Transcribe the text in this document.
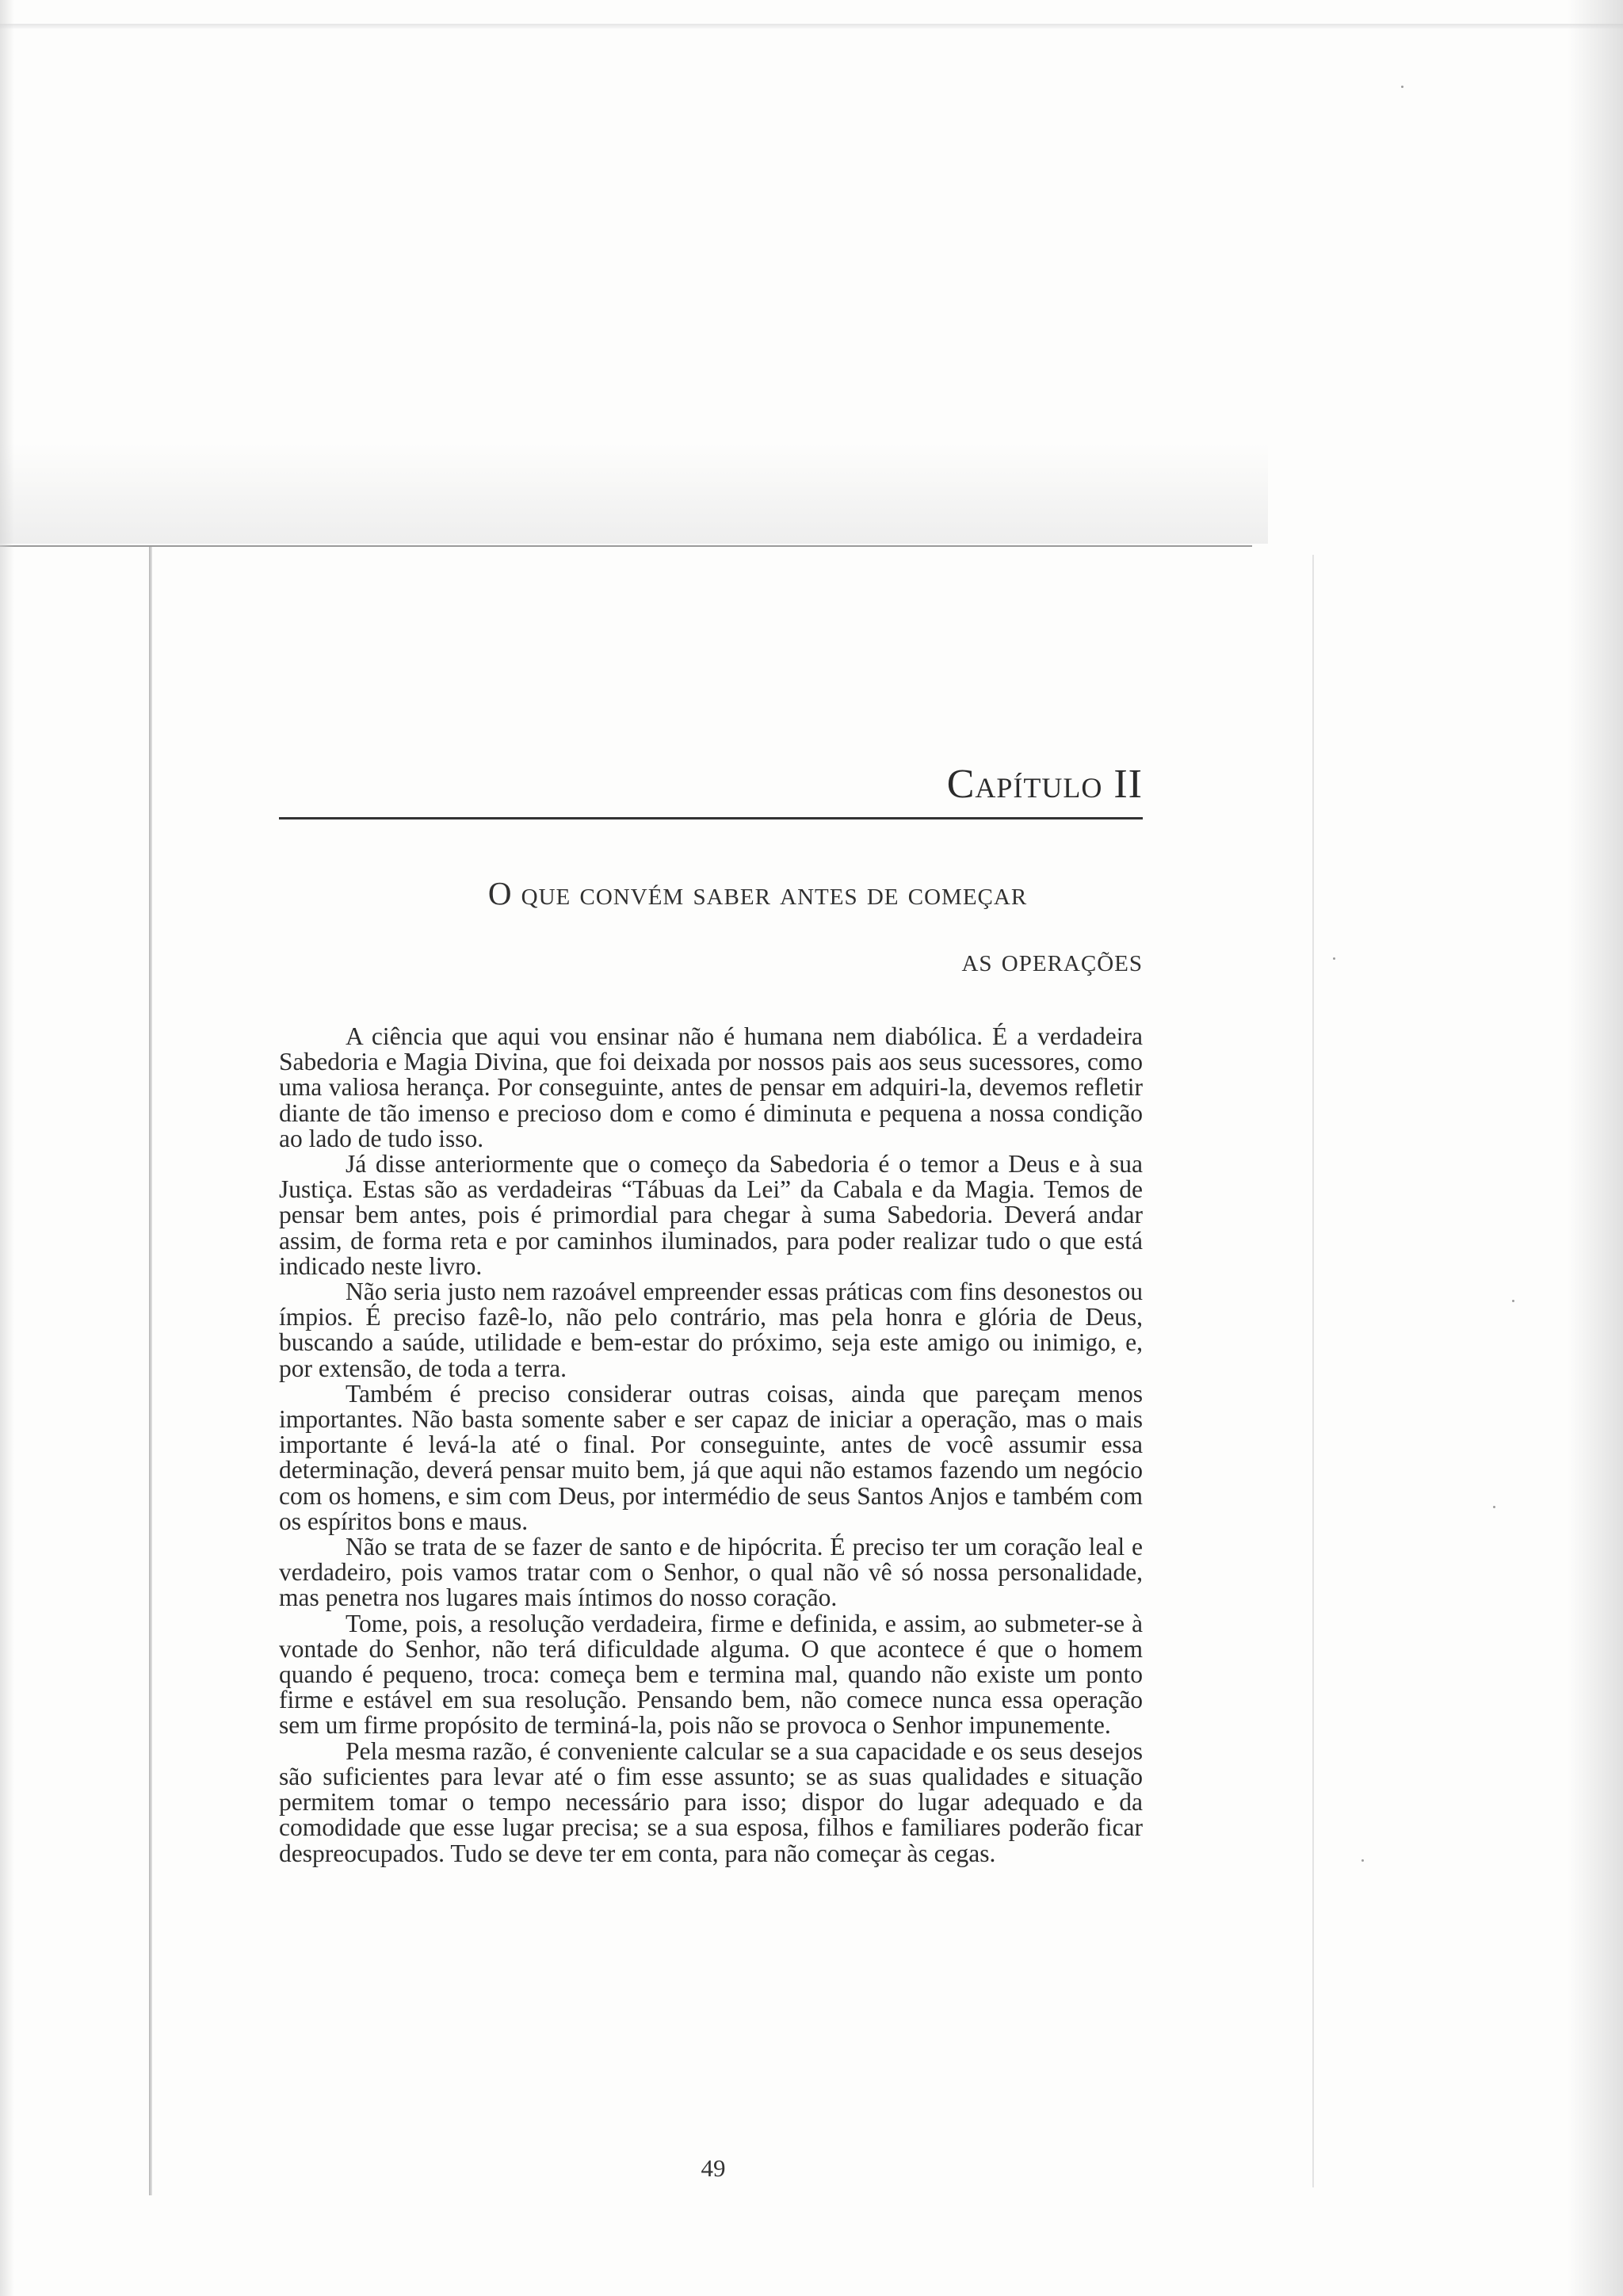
Capítulo II
O que convém saber antes de começar
as operações

A ciência que aqui vou ensinar não é humana nem diabólica. É a verdadeira Sabedoria e Magia Divina, que foi deixada por nossos pais aos seus sucessores, como uma valiosa herança. Por conseguinte, antes de pensar em adquiri-la, devemos refletir diante de tão imenso e precioso dom e como é diminuta e pequena a nossa condição ao lado de tudo isso.

Já disse anteriormente que o começo da Sabedoria é o temor a Deus e à sua Justiça. Estas são as verdadeiras “Tábuas da Lei” da Cabala e da Magia. Temos de pensar bem antes, pois é primordial para chegar à suma Sabedoria. Deverá andar assim, de forma reta e por caminhos iluminados, para poder realizar tudo o que está indicado neste livro.

Não seria justo nem razoável empreender essas práticas com fins desonestos ou ímpios. É preciso fazê-lo, não pelo contrário, mas pela honra e glória de Deus, buscando a saúde, utilidade e bem-estar do próximo, seja este amigo ou inimigo, e, por extensão, de toda a terra.

Também é preciso considerar outras coisas, ainda que pareçam menos importantes. Não basta somente saber e ser capaz de iniciar a operação, mas o mais importante é levá-la até o final. Por conseguinte, antes de você assumir essa determinação, deverá pensar muito bem, já que aqui não estamos fazendo um negócio com os homens, e sim com Deus, por intermédio de seus Santos Anjos e também com os espíritos bons e maus.

Não se trata de se fazer de santo e de hipócrita. É preciso ter um coração leal e verdadeiro, pois vamos tratar com o Senhor, o qual não vê só nossa personalidade, mas penetra nos lugares mais íntimos do nosso coração.

Tome, pois, a resolução verdadeira, firme e definida, e assim, ao submeter-se à vontade do Senhor, não terá dificuldade alguma. O que acontece é que o homem quando é pequeno, troca: começa bem e termina mal, quando não existe um ponto firme e estável em sua resolução. Pensando bem, não comece nunca essa operação sem um firme propósito de terminá-la, pois não se provoca o Senhor impunemente.

Pela mesma razão, é conveniente calcular se a sua capacidade e os seus desejos são suficientes para levar até o fim esse assunto; se as suas qualidades e situação permitem tomar o tempo necessário para isso; dispor do lugar adequado e da comodidade que esse lugar precisa; se a sua esposa, filhos e familiares poderão ficar despreocupados. Tudo se deve ter em conta, para não começar às cegas.

49
